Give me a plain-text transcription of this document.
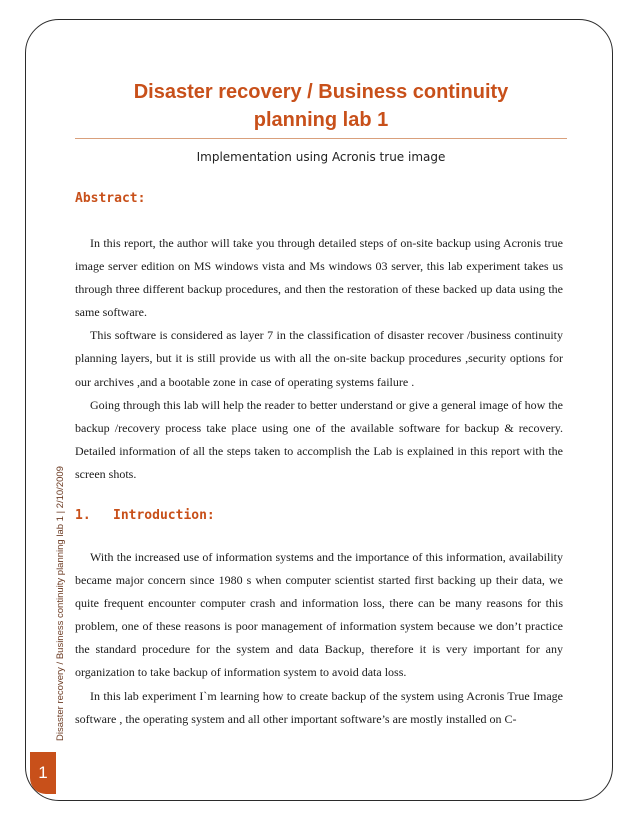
Disaster recovery / Business continuity planning lab 1 | 2/10/2009
Disaster recovery / Business continuity
planning lab 1
Implementation using Acronis true image
Abstract:

In this report, the author will take you through detailed steps of on-site backup using Acronis true image server edition on MS windows vista and Ms windows 03 server, this lab experiment takes us through three different backup procedures, and then the restoration of these backed up data using the same software.

This software is considered as layer 7 in the classification of disaster recover /business continuity planning layers, but it is still provide us with all the on-site backup procedures ,security options for our archives ,and a bootable zone in case of operating systems failure .

Going through this lab will help the reader to better understand or give a general image of how the backup /recovery process take place using one of the available software for backup & recovery. Detailed information of all the steps taken to accomplish the Lab is explained in this report with the screen shots.

1. Introduction:

With the increased use of information systems and the importance of this information, availability became major concern since 1980 s when computer scientist started first backing up their data, we quite frequent encounter computer crash and information loss, there can be many reasons for this problem, one of these reasons is poor management of information system because we don’t practice the standard procedure for the system and data Backup, therefore it is very important for any organization to take backup of information system to avoid data loss.

In this lab experiment I`m learning how to create backup of the system using Acronis True Image software , the operating system and all other important software’s are mostly installed on C-

1
